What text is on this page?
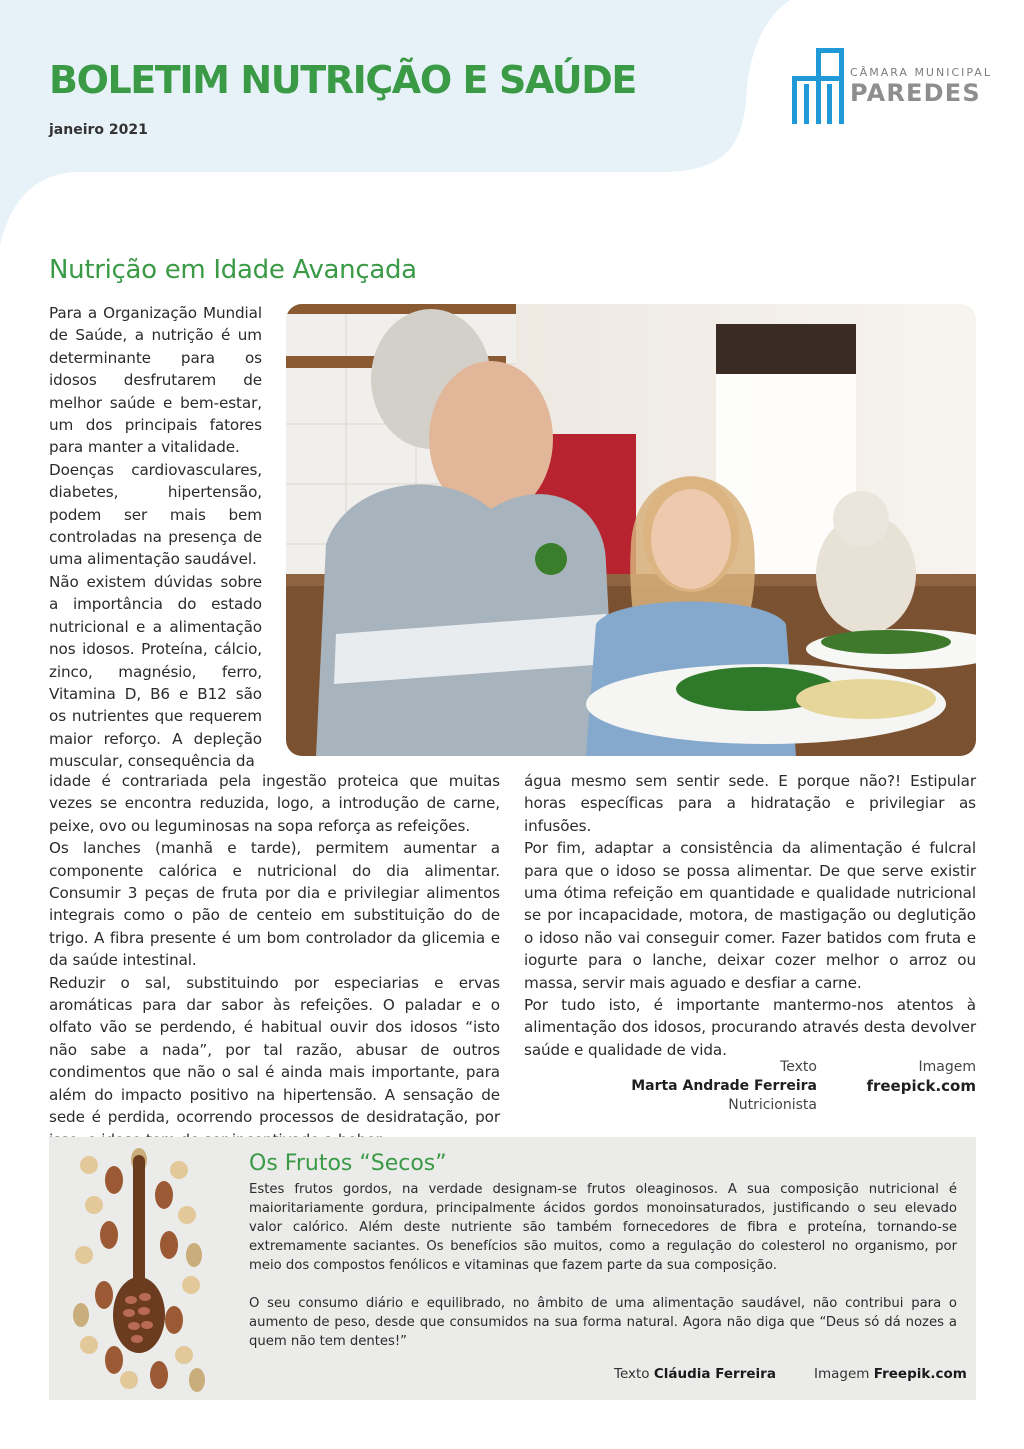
BOLETIM NUTRIÇÃO E SAÚDE
janeiro 2021
CÂMARA MUNICIPAL
PAREDES
Nutrição em Idade Avançada

Para a Organização Mundial de Saúde, a nutrição é um determinante para os idosos desfrutarem de melhor saúde e bem-estar, um dos principais fatores para manter a vitalidade.

Doenças cardiovasculares, diabetes, hipertensão, podem ser mais bem controladas na presença de uma alimentação saudável.

Não existem dúvidas sobre a importância do estado nutricional e a alimentação nos idosos. Proteína, cálcio, zinco, magnésio, ferro, Vitamina D, B6 e B12 são os nutrientes que requerem maior reforço. A depleção muscular, consequência da

idade é contrariada pela ingestão proteica que muitas vezes se encontra reduzida, logo, a introdução de carne, peixe, ovo ou leguminosas na sopa reforça as refeições.

Os lanches (manhã e tarde), permitem aumentar a componente calórica e nutricional do dia alimentar. Consumir 3 peças de fruta por dia e privilegiar alimentos integrais como o pão de centeio em substituição do de trigo. A fibra presente é um bom controlador da glicemia e da saúde intestinal.

Reduzir o sal, substituindo por especiarias e ervas aromáticas para dar sabor às refeições. O paladar e o olfato vão se perdendo, é habitual ouvir dos idosos “isto não sabe a nada”, por tal razão, abusar de outros condimentos que não o sal é ainda mais importante, para além do impacto positivo na hipertensão. A sensação de sede é perdida, ocorrendo processos de desidratação, por

água mesmo sem sentir sede. E porque não?! Estipular horas específicas para a hidratação e privilegiar as infusões.

Por fim, adaptar a consistência da alimentação é fulcral para que o idoso se possa alimentar. De que serve existir uma ótima refeição em quantidade e qualidade nutricional se por incapacidade, motora, de mastigação ou deglutição o idoso não vai conseguir comer. Fazer batidos com fruta e iogurte para o lanche, deixar cozer melhor o arroz ou massa, servir mais aguado e desfiar a carne.

Por tudo isto, é importante mantermo-nos atentos à alimentação dos idosos, procurando através desta devolver saúde e qualidade de vida.

Texto
Marta Andrade Ferreira
Nutricionista
Imagem
freepick.com
Os Frutos “Secos”

Estes frutos gordos, na verdade designam-se frutos oleaginosos. A sua composição nutricional é maioritariamente gordura, principalmente ácidos gordos monoinsaturados, justificando o seu elevado valor calórico. Além deste nutriente são também fornecedores de fibra e proteína, tornando-se extremamente saciantes. Os benefícios são muitos, como a regulação do colesterol no organismo, por meio dos compostos fenólicos e vitaminas que fazem parte da sua composição.

O seu consumo diário e equilibrado, no âmbito de uma alimentação saudável, não contribui para o aumento de peso, desde que consumidos na sua forma natural. Agora não diga que “Deus só dá nozes a quem não tem dentes!”

Texto Cláudia Ferreira	Imagem Freepik.com
